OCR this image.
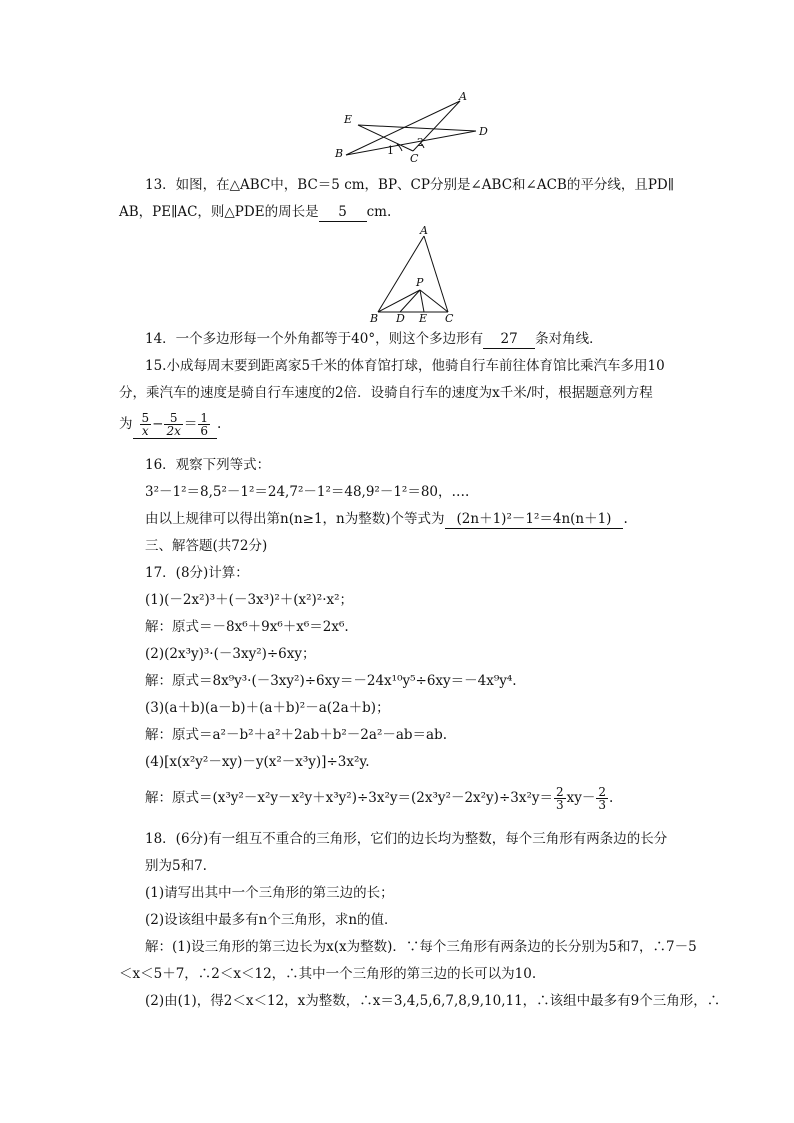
A
E
D
B	C
1
2
13．如图，在△ABC中，BC＝5 cm，BP、CP分别是∠ABC和∠ACB的平分线，且PD∥
AB，PE∥AC，则△PDE的周长是 5 cm.
A
P
B D E C
14．一个多边形每一个外角都等于40°，则这个多边形有 27 条对角线．
15.小成每周末要到距离家5千米的体育馆打球，他骑自行车前往体育馆比乘汽车多用10
分，乘汽车的速度是骑自行车速度的2倍．设骑自行车的速度为x千米/时，根据题意列方程
为 $\frac{5}{x} - \frac{5}{2x} = \frac{1}{6}$ .
16．观察下列等式：
3²－1²＝8,5²－1²＝24,7²－1²＝48,9²－1²＝80，….
由以上规律可以得出第n(n≥1，n为整数)个等式为 (2n＋1)²－1²＝4n(n＋1) .
三、解答题(共72分)
17．(8分)计算：
(1)(－2x²)³＋(－3x³)²＋(x²)²·x²；
解：原式＝－8x⁶＋9x⁶＋x⁶＝2x⁶.
(2)(2x³y)³·(－3xy²)÷6xy；
解：原式＝8x⁹y³·(－3xy²)÷6xy＝－24x¹⁰y⁵÷6xy＝－4x⁹y⁴.
(3)(a＋b)(a－b)＋(a＋b)²－a(2a＋b)；
解：原式＝a²－b²＋a²＋2ab＋b²－2a²－ab＝ab.
(4)[x(x²y²－xy)－y(x²－x³y)]÷3x²y.
解：原式$=(x^3y^2-x^2y-x^2y+x^3y^2)\div 3x^2y=(2x^3y^2-2x^2y)\div 3x^2y= \frac{2}{3} xy- \frac{2}{3}$ .
18．(6分)有一组互不重合的三角形，它们的边长均为整数，每个三角形有两条边的长分
别为5和7.
(1)请写出其中一个三角形的第三边的长；
(2)设该组中最多有n个三角形，求n的值．
解：(1)设三角形的第三边长为x(x为整数)．∵每个三角形有两条边的长分别为5和7，∴7－5
＜x＜5＋7，∴2＜x＜12，∴其中一个三角形的第三边的长可以为10.
(2)由(1)，得2＜x＜12，x为整数，∴x＝3,4,5,6,7,8,9,10,11，∴该组中最多有9个三角形，∴
